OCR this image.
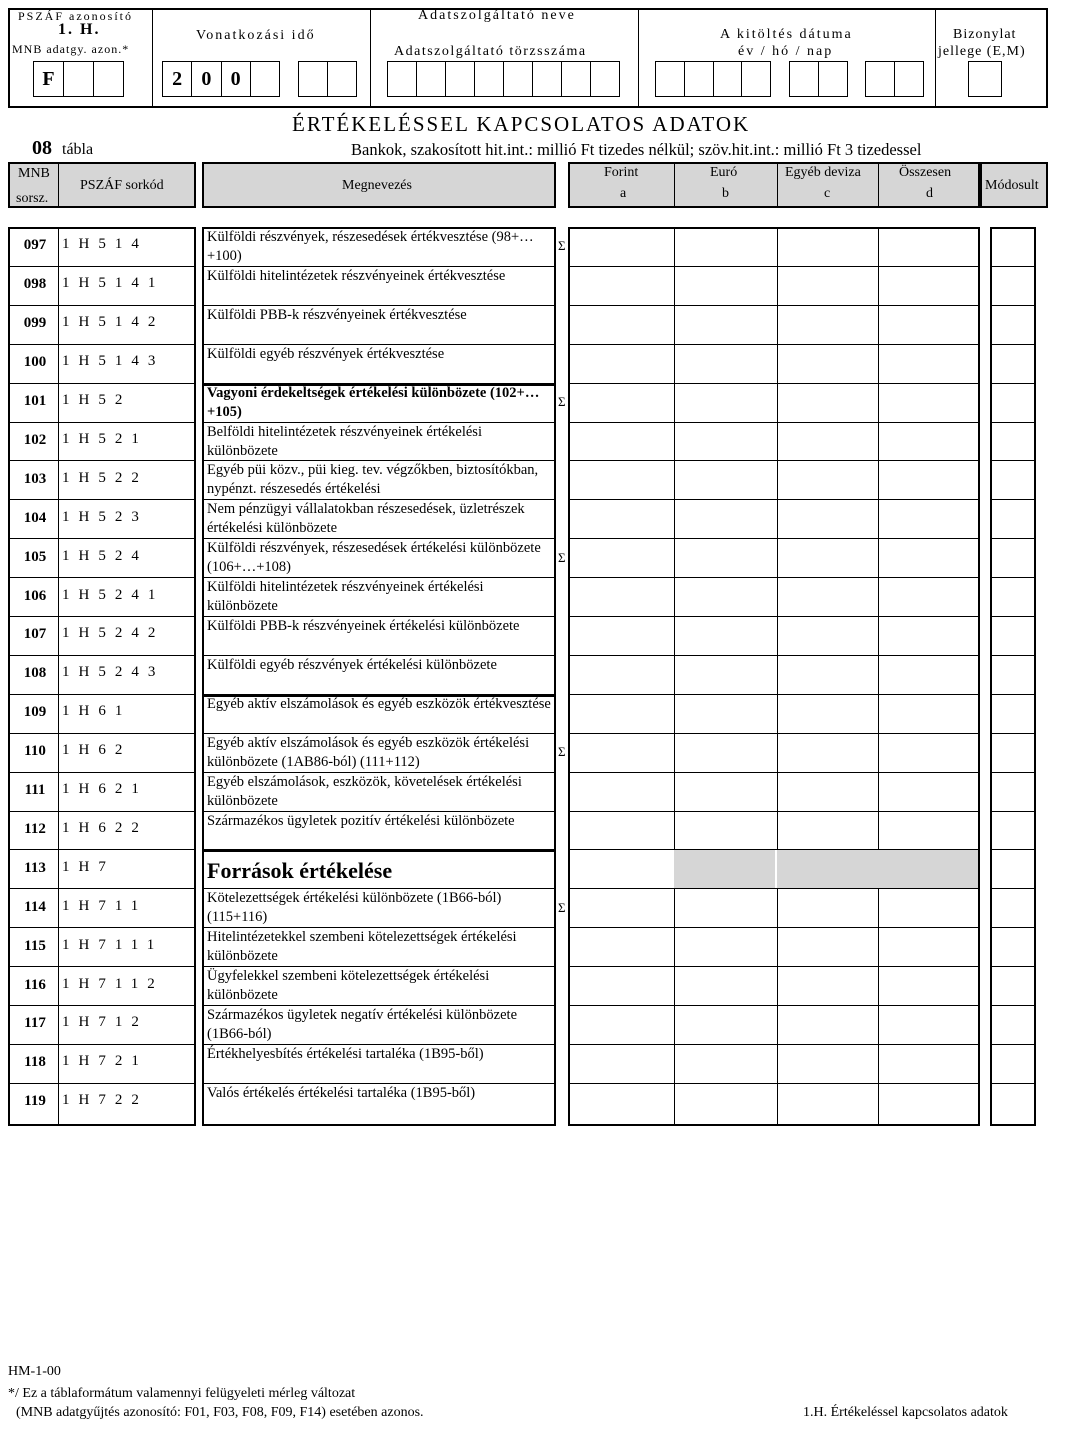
PSZÁF azonosító
1. H.
MNB adatgy. azon.*
F
Vonatkozási idő
2 0 0
Adatszolgáltató neve
Adatszolgáltató törzsszáma
A kitöltés dátuma
év / hó / nap
Bizonylat
jellege (E,M)
ÉRTÉKELÉSSEL KAPCSOLATOS ADATOK
08 tábla	Bankok, szakosított hit.int.: millió Ft tizedes nélkül; szöv.hit.int.: millió Ft 3 tizedessel
MNB
sorsz.
PSZÁF sorkód	Megnevezés
Forint
a
Euró
b
Egyéb deviza
c
Összesen
d
Módosult
097	1H514	Külföldi részvények, részesedések értékvesztése (98+…+100)
Σ
098	1H5141	Külföldi hitelintézetek részvényeinek értékvesztése
099	1H5142	Külföldi PBB-k részvényeinek értékvesztése
100	1H5143	Külföldi egyéb részvények értékvesztése
101	1H52	Vagyoni érdekeltségek értékelési különbözete (102+…+105)
Σ
102	1H521	Belföldi hitelintézetek részvényeinek értékelési különbözete
103	1H522	Egyéb püi közv., püi kieg. tev. végzőkben, biztosítókban, nypénzt. részesedés értékelési
104	1H523	Nem pénzügyi vállalatokban részesedések, üzletrészek értékelési különbözete
105	1H524	Külföldi részvények, részesedések értékelési különbözete (106+…+108)
Σ
106	1H5241	Külföldi hitelintézetek részvényeinek értékelési különbözete
107	1H5242	Külföldi PBB-k részvényeinek értékelési különbözete
108	1H5243	Külföldi egyéb részvények értékelési különbözete
109	1H61	Egyéb aktív elszámolások és egyéb eszközök értékvesztése
110	1H62	Egyéb aktív elszámolások és egyéb eszközök értékelési különbözete (1AB86-ból) (111+112)
Σ
111	1H621	Egyéb elszámolások, eszközök, követelések értékelési különbözete
112	1H622	Származékos ügyletek pozitív értékelési különbözete
113	1H7	Források értékelése
114	1H711	Kötelezettségek értékelési különbözete (1B66-ból) (115+116)
Σ
115	1H7111	Hitelintézetekkel szembeni kötelezettségek értékelési különbözete
116	1H7112	Ügyfelekkel szembeni kötelezettségek értékelési különbözete
117	1H712	Származékos ügyletek negatív értékelési különbözete (1B66-ból)
118	1H721	Értékhelyesbítés értékelési tartaléka (1B95-ből)
119	1H722	Valós értékelés értékelési tartaléka (1B95-ből)
HM-1-00
*/ Ez a táblaformátum valamennyi felügyeleti mérleg változat
(MNB adatgyűjtés azonosító: F01, F03, F08, F09, F14) esetében azonos.	1.H. Értékeléssel kapcsolatos adatok
